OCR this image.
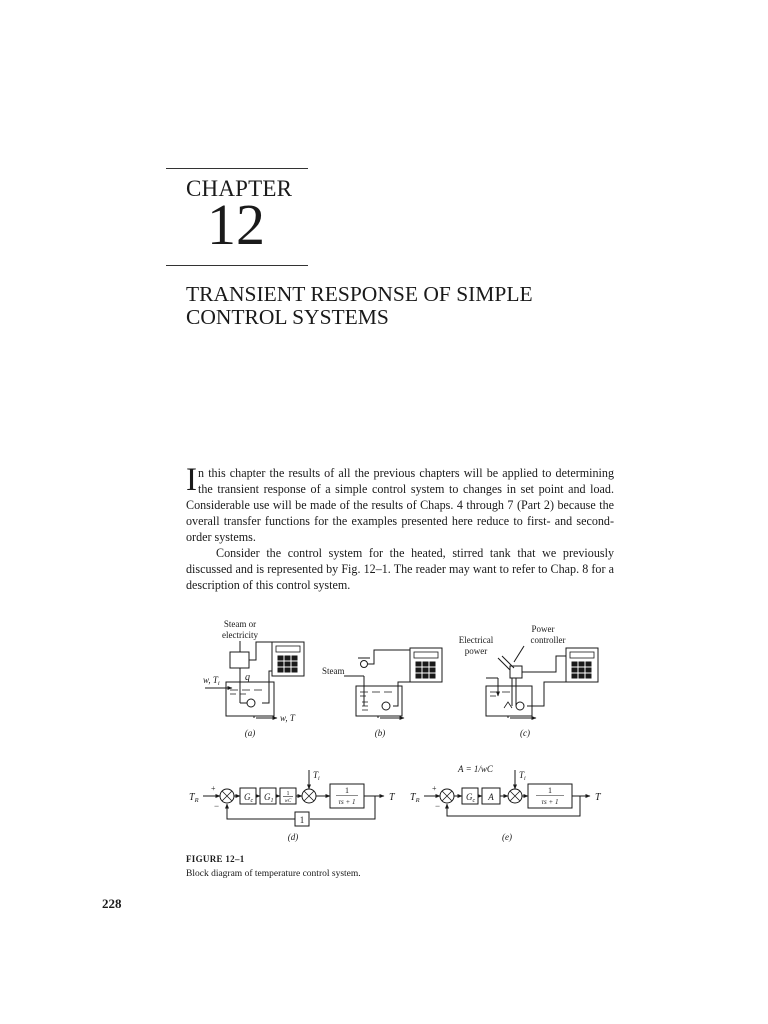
CHAPTER
12
TRANSIENT RESPONSE OF SIMPLE
CONTROL SYSTEMS

In this chapter the results of all the previous chapters will be applied to determining the transient response of a simple control system to changes in set point and load. Considerable use will be made of the results of Chaps. 4 through 7 (Part 2) because the overall transfer functions for the examples presented here reduce to first- and second-order systems.

Consider the control system for the heated, stirred tank that we previously discussed and is represented by Fig. 12–1. The reader may want to refer to Chap. 8 for a description of this control system.

Steam or
electricity
q
w, $T_i$
w, T
(a)
Steam
(b)
Power
controller
Electrical
power
(c)
$T_R$
+
−
$G_c$ $G_1$
1
wC
$T_i$
1
τs + 1	T
1
(d)
A = 1/wC
$T_R$
+
−
$G_c$ A
$T_i$
1
τs + 1	T
(e)
FIGURE 12–1
Block diagram of temperature control system.
228
